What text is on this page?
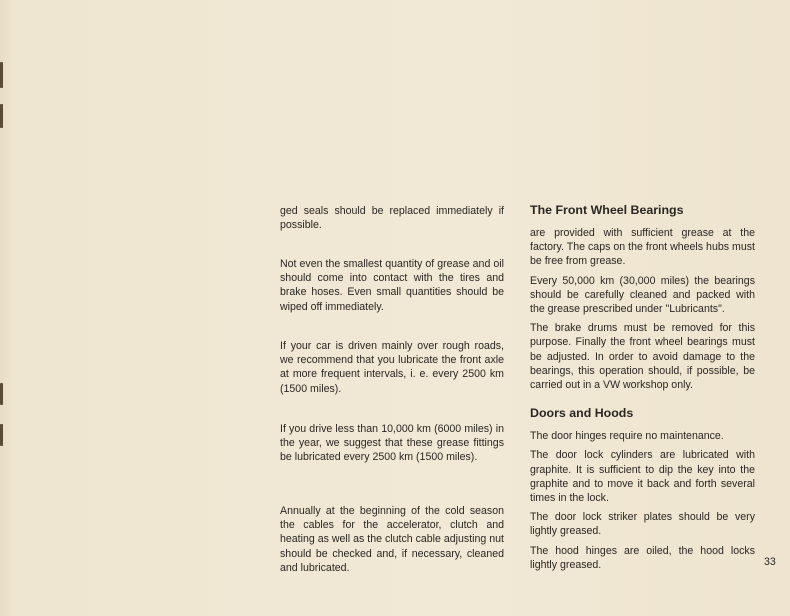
ged seals should be replaced immediately if possible.

Not even the smallest quantity of grease and oil should come into contact with the tires and brake hoses. Even small quantities should be wiped off immediately.

If your car is driven mainly over rough roads, we recommend that you lubricate the front axle at more frequent intervals, i. e. every 2500 km (1500 miles).

If you drive less than 10,000 km (6000 miles) in the year, we suggest that these grease fittings be lubricated every 2500 km (1500 miles).

Annually at the beginning of the cold season the cables for the accelerator, clutch and heating as well as the clutch cable adjusting nut should be checked and, if necessary, cleaned and lubricated.

The Front Wheel Bearings

are provided with sufficient grease at the factory. The caps on the front wheels hubs must be free from grease.

Every 50,000 km (30,000 miles) the bearings should be carefully cleaned and packed with the grease prescribed under "Lubricants".

The brake drums must be removed for this purpose. Finally the front wheel bearings must be adjusted. In order to avoid damage to the bearings, this operation should, if possible, be carried out in a VW workshop only.

Doors and Hoods

The door hinges require no maintenance.

The door lock cylinders are lubricated with graphite. It is sufficient to dip the key into the graphite and to move it back and forth several times in the lock.

The door lock striker plates should be very lightly greased.

The hood hinges are oiled, the hood locks lightly greased.	33
